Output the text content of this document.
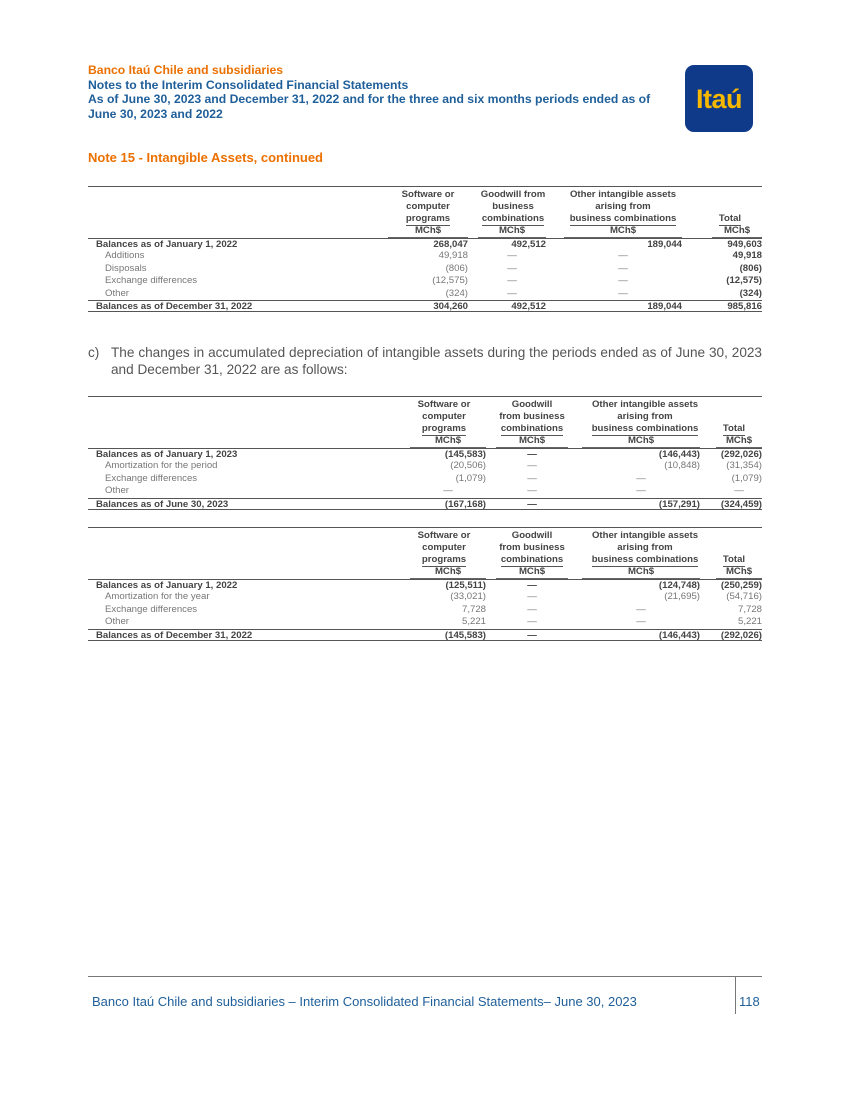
Banco Itaú Chile and subsidiaries
Notes to the Interim Consolidated Financial Statements
As of June 30, 2023 and December 31, 2022 and for the three and six months periods ended as of
June 30, 2023 and 2022	Itaú
Note 15 - Intangible Assets, continued
Software or
computer
programs
MCh$
Goodwill from
business
combinations
MCh$
Other intangible assets
arising from
business combinations
MCh$
Total
MCh$
Balances as of January 1, 2022	268,047	492,512	189,044	949,603
Additions	49,918	—	—	49,918
Disposals	(806)	—	—	(806)
Exchange differences	(12,575)	—	—	(12,575)
Other	(324)	—	—	(324)
Balances as of December 31, 2022	304,260	492,512	189,044	985,816
c) The changes in accumulated depreciation of intangible assets during the periods ended as of June 30, 2023 and December 31, 2022 are as follows:
Software or
computer
programs
MCh$
Goodwill
from business
combinations
MCh$
Other intangible assets
arising from
business combinations
MCh$
Total
MCh$
Balances as of January 1, 2023	(145,583)	—	(146,443) (292,026)
Amortization for the period	(20,506)	—	(10,848)	(31,354)
Exchange differences	(1,079)	—	—	(1,079)
Other	—	—	—	—
Balances as of June 30, 2023	(167,168)	—	(157,291) (324,459)
Software or
computer
programs
MCh$
Goodwill
from business
combinations
MCh$
Other intangible assets
arising from
business combinations
MCh$
Total
MCh$
Balances as of January 1, 2022	(125,511)	—	(124,748) (250,259)
Amortization for the year	(33,021)	—	(21,695)	(54,716)
Exchange differences	7,728	—	—	7,728
Other	5,221	—	—	5,221
Balances as of December 31, 2022	(145,583)	—	(146,443) (292,026)
Banco Itaú Chile and subsidiaries – Interim Consolidated Financial Statements– June 30, 2023	118
